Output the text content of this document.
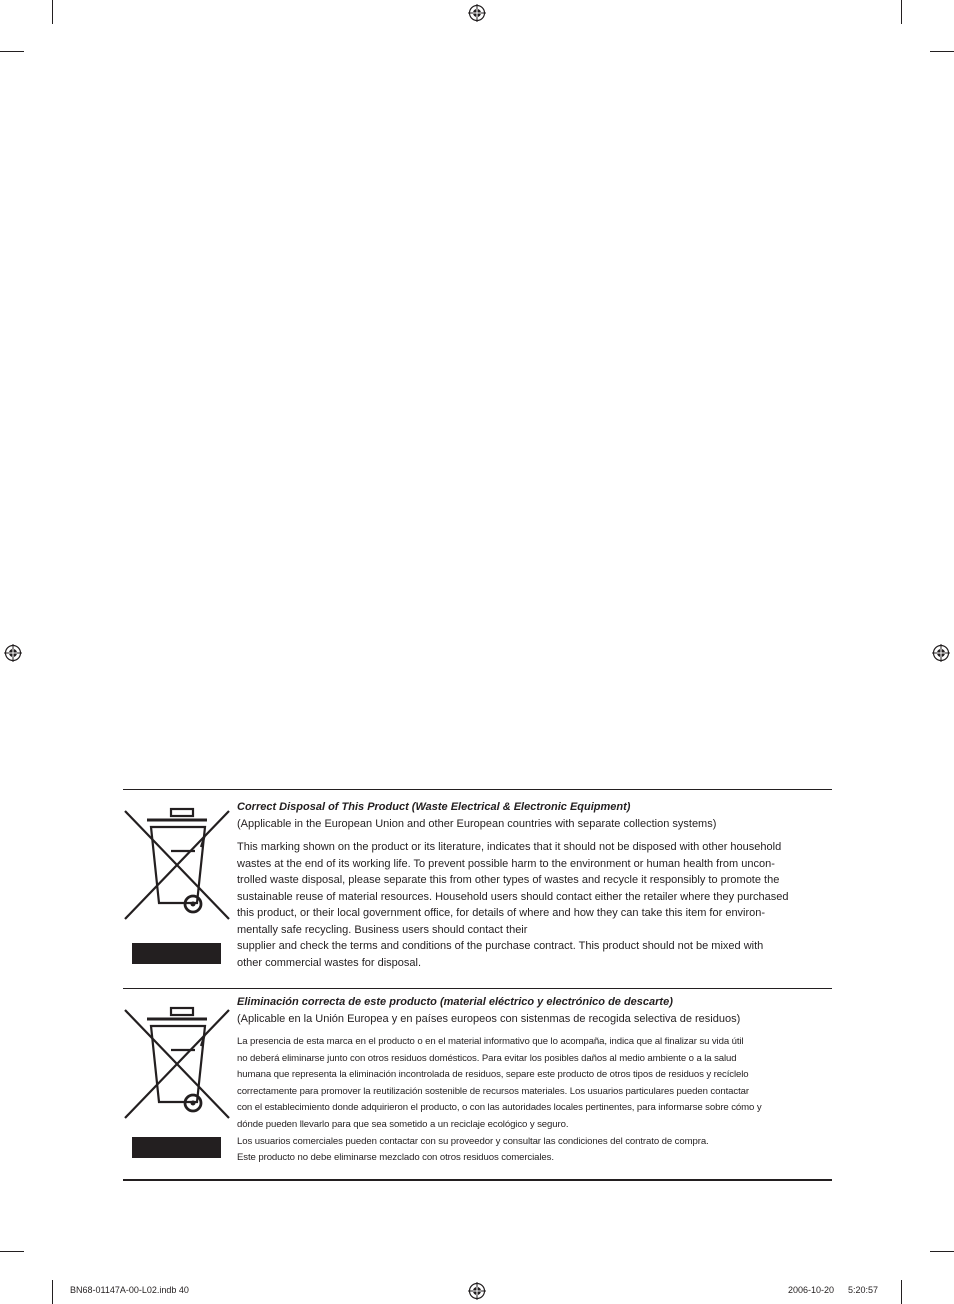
Correct Disposal of This Product (Waste Electrical & Electronic Equipment)

(Applicable in the European Union and other European countries with separate collection systems)

This marking shown on the product or its literature, indicates that it should not be disposed with other household

wastes at the end of its working life. To prevent possible harm to the environment or human health from uncon-

trolled waste disposal, please separate this from other types of wastes and recycle it responsibly to promote the

sustainable reuse of material resources. Household users should contact either the retailer where they purchased

this product, or their local government office, for details of where and how they can take this item for environ-

mentally safe recycling. Business users should contact their

supplier and check the terms and conditions of the purchase contract. This product should not be mixed with

other commercial wastes for disposal.

Eliminación correcta de este producto (material eléctrico y electrónico de descarte)

(Aplicable en la Unión Europea y en países europeos con sistenmas de recogida selectiva de residuos)

La presencia de esta marca en el producto o en el material informativo que lo acompaña, indica que al finalizar su vida útil

no deberá eliminarse junto con otros residuos domésticos. Para evitar los posibles daños al medio ambiente o a la salud

humana que representa la eliminación incontrolada de residuos, separe este producto de otros tipos de residuos y recíclelo

correctamente para promover la reutilización sostenible de recursos materiales. Los usuarios particulares pueden contactar

con el establecimiento donde adquirieron el producto, o con las autoridades locales pertinentes, para informarse sobre cómo y

dónde pueden llevarlo para que sea sometido a un reciclaje ecológico y seguro.

Los usuarios comerciales pueden contactar con su proveedor y consultar las condiciones del contrato de compra.

Este producto no debe eliminarse mezclado con otros residuos comerciales.

BN68-01147A-00-L02.indb 40	2006-10-20 5:20:57
